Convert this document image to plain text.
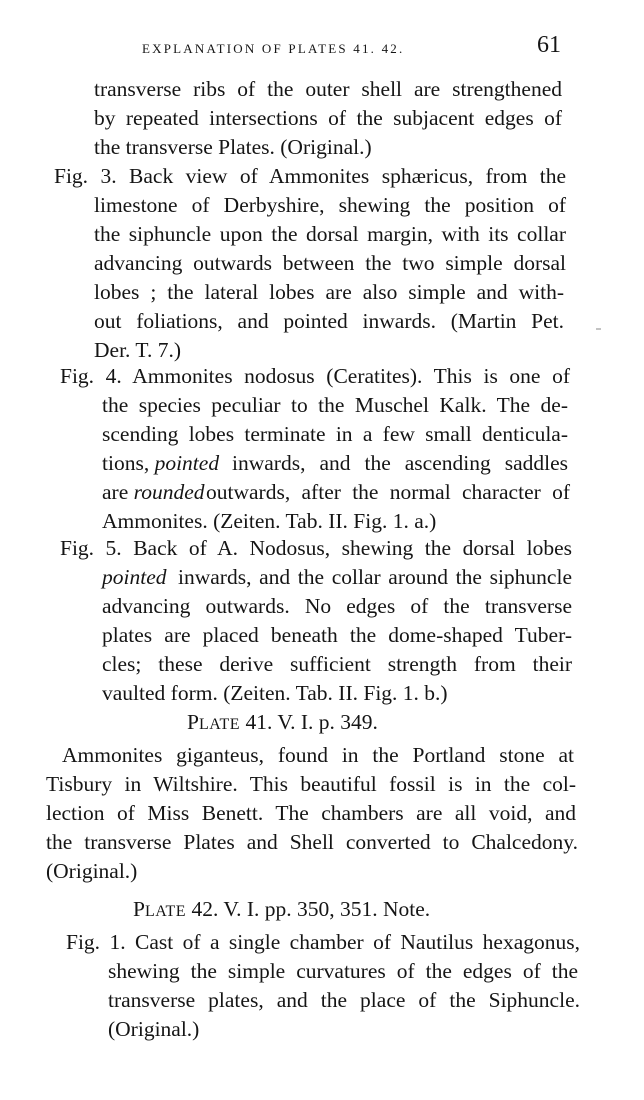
EXPLANATION OF PLATES 41. 42.	61
transverse ribs of the outer shell are strengthened
by repeated intersections of the subjacent edges of
the transverse Plates. (Original.)
Fig. 3. Back view of Ammonites sphæricus, from the
limestone of Derbyshire, shewing the position of
the siphuncle upon the dorsal margin, with its collar
advancing outwards between the two simple dorsal
lobes ; the lateral lobes are also simple and with-
out foliations, and pointed inwards. (Martin Pet.
Der. T. 7.)
Fig. 4. Ammonites nodosus (Ceratites). This is one of
the species peculiar to the Muschel Kalk. The de-
scending lobes terminate in a few small denticula-
tions, pointed inwards, and the ascending saddles
are rounded outwards, after the normal character of
Ammonites. (Zeiten. Tab. II. Fig. 1. a.)
Fig. 5. Back of A. Nodosus, shewing the dorsal lobes
pointed inwards, and the collar around the siphuncle
advancing outwards. No edges of the transverse
plates are placed beneath the dome-shaped Tuber-
cles; these derive sufficient strength from their
vaulted form. (Zeiten. Tab. II. Fig. 1. b.)
PLATE 41. V. I. p. 349.
Ammonites giganteus, found in the Portland stone at
Tisbury in Wiltshire. This beautiful fossil is in the col-
lection of Miss Benett. The chambers are all void, and
the transverse Plates and Shell converted to Chalcedony.
(Original.)
PLATE 42. V. I. pp. 350, 351. Note.
Fig. 1. Cast of a single chamber of Nautilus hexagonus,
shewing the simple curvatures of the edges of the
transverse plates, and the place of the Siphuncle.
(Original.)
